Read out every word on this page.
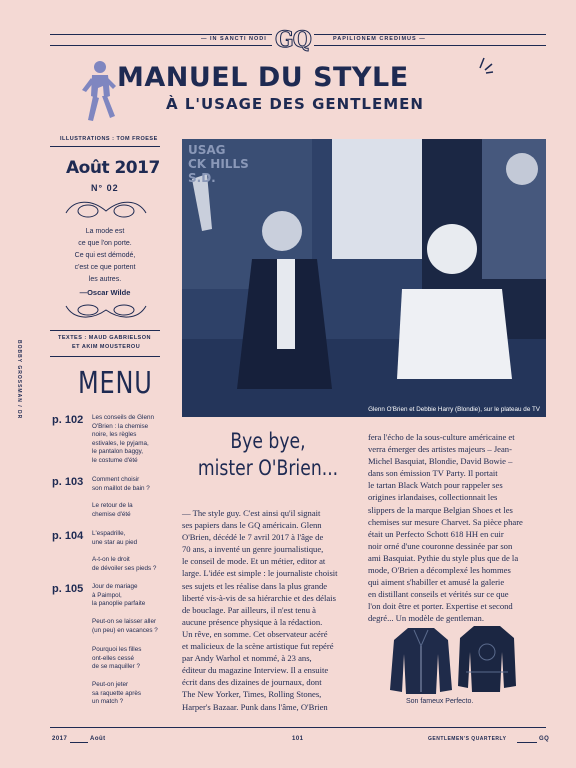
— IN SANCTI NODI GQ	PAPILIONEM CREDIMUS —
MANUEL DU STYLE
À L'USAGE DES GENTLEMEN
ILLUSTRATIONS : TOM FROESE
Août 2017
N° 02
La mode est
ce que l'on porte.
Ce qui est démodé,
c'est ce que portent
les autres.
—Oscar Wilde
TEXTES : MAUD GABRIELSON
ET AKIM MOUSTEROU
BOBBY GROSSMAN / DR MENU
p. 102 Les conseils de Glenn
O'Brien : la chemise
noire, les règles
estivales, le pyjama,
le pantalon baggy,
le costume d'été
p. 103 Comment choisir
son maillot de bain ?
Le retour de la
chemise d'été
p. 104 L'espadrille,
une star au pied
A-t-on le droit
de dévoiler ses pieds ?
p. 105 Jour de mariage
à Paimpol,
la panoplie parfaite
Peut-on se laisser aller
(un peu) en vacances ?
Pourquoi les filles
ont-elles cessé
de se maquiller ?
Peut-on jeter
sa raquette après
un match ?
USAG
CK HILLS
S.D.
Glenn O'Brien et Debbie Harry (Blondie), sur le plateau de TV
Bye bye,
mister O'Brien...
— The style guy. C'est ainsi qu'il signait
ses papiers dans le GQ américain. Glenn
O'Brien, décédé le 7 avril 2017 à l'âge de
70 ans, a inventé un genre journalistique,
le conseil de mode. Et un métier, editor at
large. L'idée est simple : le journaliste choisit
ses sujets et les réalise dans la plus grande
liberté vis-à-vis de sa hiérarchie et des délais
de bouclage. Par ailleurs, il n'est tenu à
aucune présence physique à la rédaction.
Un rêve, en somme. Cet observateur acéré
et malicieux de la scène artistique fut repéré
par Andy Warhol et nommé, à 23 ans,
éditeur du magazine Interview. Il a ensuite
écrit dans des dizaines de journaux, dont
The New Yorker, Times, Rolling Stones,
Harper's Bazaar. Punk dans l'âme, O'Brien
fera l'écho de la sous-culture américaine et
verra émerger des artistes majeurs – Jean-
Michel Basquiat, Blondie, David Bowie –
dans son émission TV Party. Il portait
le tartan Black Watch pour rappeler ses
origines irlandaises, collectionnait les
slippers de la marque Belgian Shoes et les
chemises sur mesure Charvet. Sa pièce phare
était un Perfecto Schott 618 HH en cuir
noir orné d'une couronne dessinée par son
ami Basquiat. Pythie du style plus que de la
mode, O'Brien a décomplexé les hommes
qui aiment s'habiller et amusé la galerie
en distillant conseils et vérités sur ce que
l'on doit être et porter. Expertise et second
degré... Un modèle de gentleman.
Son fameux Perfecto.
2017	Août	101	GENTLEMEN'S QUARTERLY	GQ
